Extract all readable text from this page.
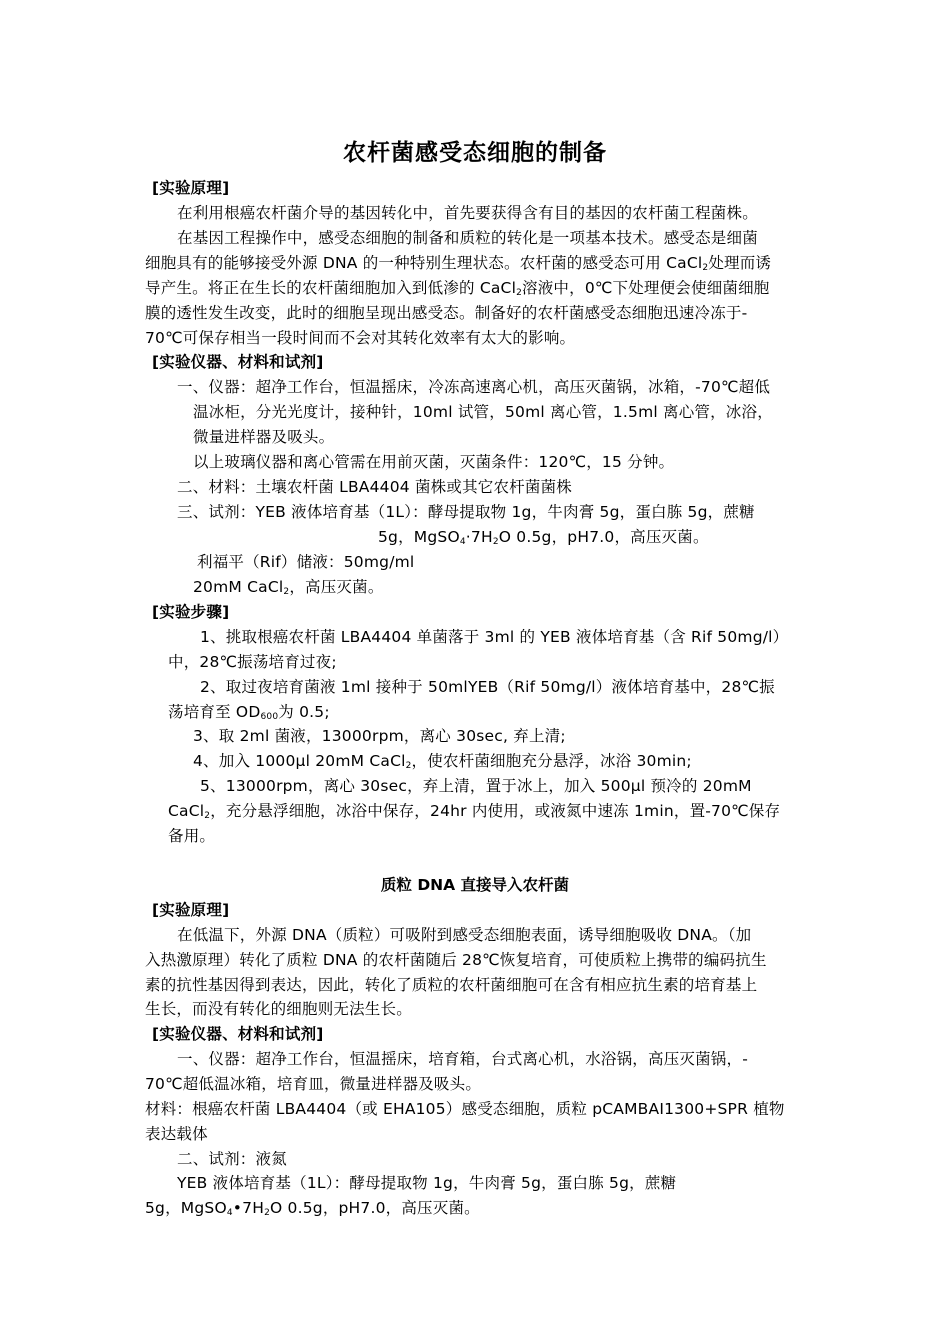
农杆菌感受态细胞的制备
[实验原理]
在利用根癌农杆菌介导的基因转化中，首先要获得含有目的基因的农杆菌工程菌株。
在基因工程操作中，感受态细胞的制备和质粒的转化是一项基本技术。感受态是细菌
细胞具有的能够接受外源 DNA 的一种特别生理状态。农杆菌的感受态可用 CaCl$_2$处理而诱
导产生。将正在生长的农杆菌细胞加入到低渗的 CaCl$_2$溶液中，0℃下处理便会使细菌细胞
膜的透性发生改变，此时的细胞呈现出感受态。制备好的农杆菌感受态细胞迅速冷冻于-
70℃可保存相当一段时间而不会对其转化效率有太大的影响。
[实验仪器、材料和试剂]
一、仪器：超净工作台，恒温摇床，冷冻高速离心机，高压灭菌锅，冰箱，-70℃超低
温冰柜，分光光度计，接种针，10ml 试管，50ml 离心管，1.5ml 离心管，冰浴，
微量进样器及吸头。
以上玻璃仪器和离心管需在用前灭菌，灭菌条件：120℃，15 分钟。
二、材料：土壤农杆菌 LBA4404 菌株或其它农杆菌菌株
三、试剂：YEB 液体培育基（1L）：酵母提取物 1g，牛肉膏 5g，蛋白胨 5g，蔗糖
5g，$MgSO_4\cdot 7H_2O$ 0.5g，pH7.0，高压灭菌。
利福平（Rif）储液：50mg/ml
20mM CaCl$_2$，高压灭菌。
[实验步骤]
1、挑取根癌农杆菌 LBA4404 单菌落于 3ml 的 YEB 液体培育基（含 Rif 50mg/l）
中，28℃振荡培育过夜;
2、取过夜培育菌液 1ml 接种于 50mlYEB（Rif 50mg/l）液体培育基中，28℃振
荡培育至 $OD_{600}$为 0.5;
3、取 2ml 菌液，13000rpm，离心 30sec, 弃上清;
4、加入 1000µl 20mM CaCl$_2$，使农杆菌细胞充分悬浮，冰浴 30min;
5、13000rpm，离心 30sec，弃上清，置于冰上，加入 500µl 预冷的 20mM
CaCl$_2$，充分悬浮细胞，冰浴中保存，24hr 内使用，或液氮中速冻 1min，置-70℃保存
备用。
质粒 DNA 直接导入农杆菌
[实验原理]
在低温下，外源 DNA（质粒）可吸附到感受态细胞表面，诱导细胞吸收 DNA。（加
入热激原理）转化了质粒 DNA 的农杆菌随后 28℃恢复培育，可使质粒上携带的编码抗生
素的抗性基因得到表达，因此，转化了质粒的农杆菌细胞可在含有相应抗生素的培育基上
生长，而没有转化的细胞则无法生长。
[实验仪器、材料和试剂]
一、仪器：超净工作台，恒温摇床，培育箱，台式离心机，水浴锅，高压灭菌锅，-
70℃超低温冰箱，培育皿，微量进样器及吸头。
材料：根癌农杆菌 LBA4404（或 EHA105）感受态细胞，质粒 pCAMBAI1300+SPR 植物
表达载体
二、试剂：液氮
YEB 液体培育基（1L）：酵母提取物 1g，牛肉膏 5g，蛋白胨 5g，蔗糖
5g，$MgSO_4•7H_2O$ 0.5g，pH7.0，高压灭菌。
